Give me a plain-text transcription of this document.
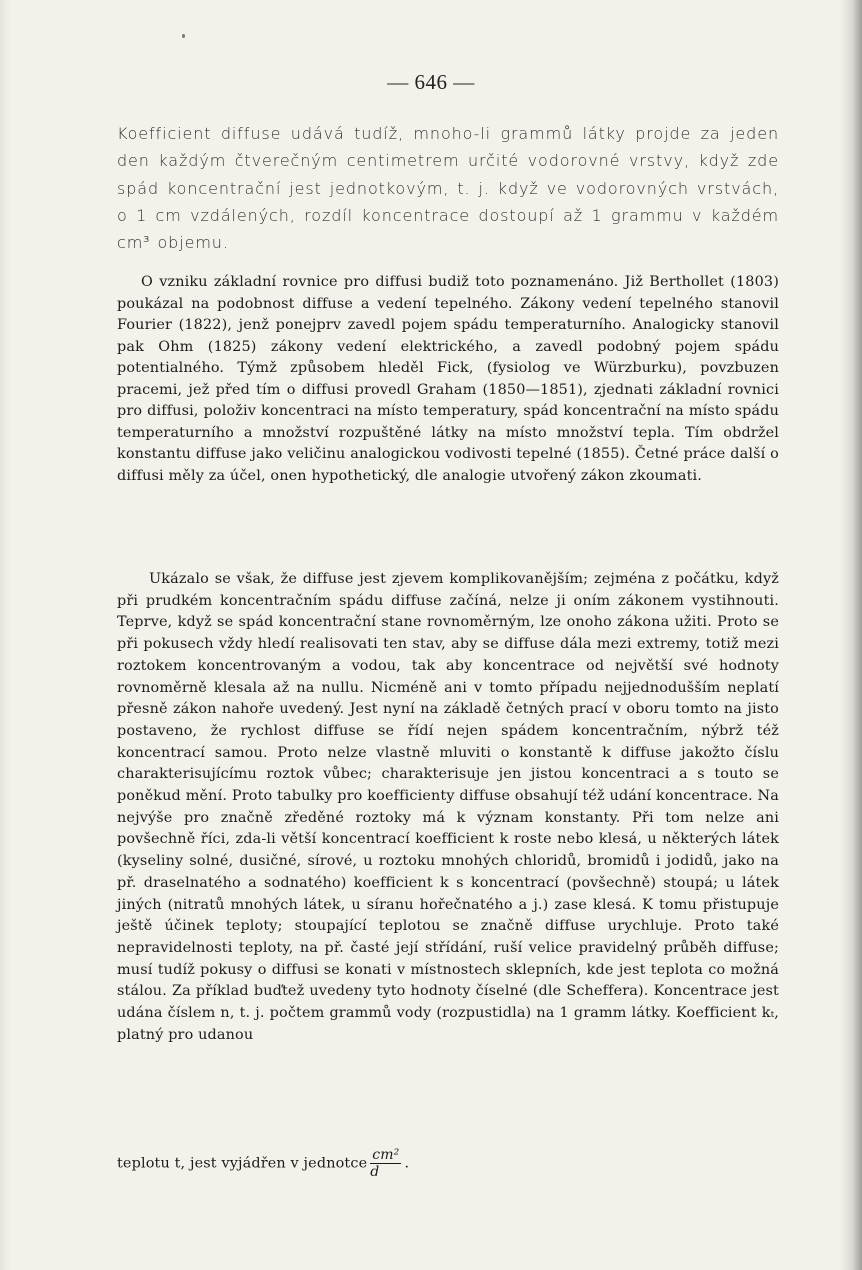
— 646 —

Koefficient diffuse udává tudíž, mnoho-li grammů látky projde za jeden den každým čtverečným centimetrem určité vodorovné vrstvy, když zde spád koncentrační jest jednotkovým, t. j. když ve vodorovných vrstvách, o 1 cm vzdálených, rozdíl koncentrace dostoupí až 1 grammu v každém cm³ objemu.

O vzniku základní rovnice pro diffusi budiž toto poznamenáno. Již Berthollet (1803) poukázal na podobnost diffuse a vedení tepelného. Zákony vedení tepelného stanovil Fourier (1822), jenž ponejprv zavedl pojem spádu temperaturního. Analogicky stanovil pak Ohm (1825) zákony vedení elektrického, a zavedl podobný pojem spádu potentialného. Týmž způsobem hleděl Fick, (fysiolog ve Würzburku), povzbuzen pracemi, jež před tím o diffusi provedl Graham (1850—1851), zjednati základní rovnici pro diffusi, položiv koncentraci na místo temperatury, spád koncentrační na místo spádu temperaturního a množství rozpuštěné látky na místo množství tepla. Tím obdržel konstantu diffuse jako veličinu analogickou vodivosti tepelné (1855). Četné práce další o diffusi měly za účel, onen hypothetický, dle analogie utvořený zákon zkoumati.

Ukázalo se však, že diffuse jest zjevem komplikovanějším; zejména z počátku, když při prudkém koncentračním spádu diffuse začíná, nelze ji oním zákonem vystihnouti. Teprve, když se spád koncentrační stane rovnoměrným, lze onoho zákona užiti. Proto se při pokusech vždy hledí realisovati ten stav, aby se diffuse dála mezi extremy, totiž mezi roztokem koncentrovaným a vodou, tak aby koncentrace od největší své hodnoty rovnoměrně klesala až na nullu. Nicméně ani v tomto případu nejjednodušším neplatí přesně zákon nahoře uvedený. Jest nyní na základě četných prací v oboru tomto na jisto postaveno, že rychlost diffuse se řídí nejen spádem koncentračním, nýbrž též koncentrací samou. Proto nelze vlastně mluviti o konstantě k diffuse jakožto číslu charakterisujícímu roztok vůbec; charakterisuje jen jistou koncentraci a s touto se poněkud mění. Proto tabulky pro koefficienty diffuse obsahují též udání koncentrace. Na nejvýše pro značně zředěné roztoky má k význam konstanty. Při tom nelze ani povšechně říci, zda-li větší koncentrací koefficient k roste nebo klesá, u některých látek (kyseliny solné, dusičné, sírové, u roztoku mnohých chloridů, bromidů i jodidů, jako na př. draselnatého a sodnatého) koefficient k s koncentrací (povšechně) stoupá; u látek jiných (nitratů mnohých látek, u síranu hořečnatého a j.) zase klesá. K tomu přistupuje ještě účinek teploty; stoupající teplotou se značně diffuse urychluje. Proto také nepravidelnosti teploty, na př. časté její střídání, ruší velice pravidelný průběh diffuse; musí tudíž pokusy o diffusi se konati v místnostech sklepních, kde jest teplota co možná stálou. Za příklad buďtež uvedeny tyto hodnoty číselné (dle Scheffera). Koncentrace jest udána číslem n, t. j. počtem grammů vody (rozpustidla) na 1 gramm látky. Koefficient kₜ, platný pro udanou

teplotu t, jest vyjádřen v jednotce $\frac{\text{cm²}}{d}$ .
